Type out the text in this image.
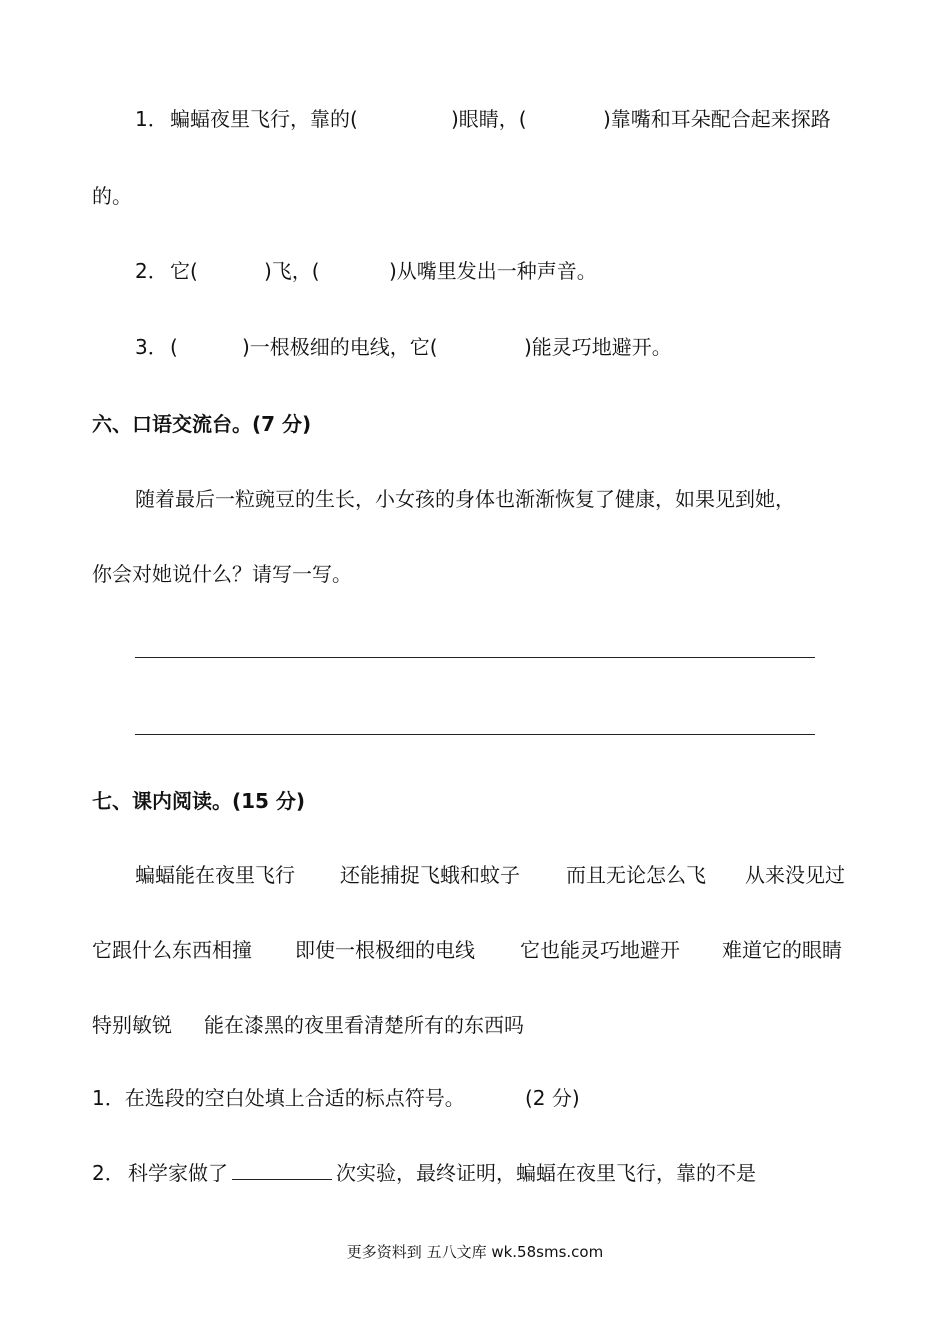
1． 蝙蝠夜里飞行，靠的(	)眼睛，(	)靠嘴和耳朵配合起来探路
的。
2． 它(	)飞，(	)从嘴里发出一种声音。
3． (	)一根极细的电线，它(	)能灵巧地避开。
六、口语交流台。(7 分)
随着最后一粒豌豆的生长，小女孩的身体也渐渐恢复了健康，如果见到她，
你会对她说什么？请写一写。
七、课内阅读。(15 分)
蝙蝠能在夜里飞行 还能捕捉飞蛾和蚊子 而且无论怎么飞 从来没见过
它跟什么东西相撞 即使一根极细的电线 它也能灵巧地避开 难道它的眼睛
特别敏锐 能在漆黑的夜里看清楚所有的东西吗
1．在选段的空白处填上合适的标点符号。	(2 分)
2． 科学家做了	次实验，最终证明，蝙蝠在夜里飞行，靠的不是
更多资料到 五八文库 wk.58sms.com
